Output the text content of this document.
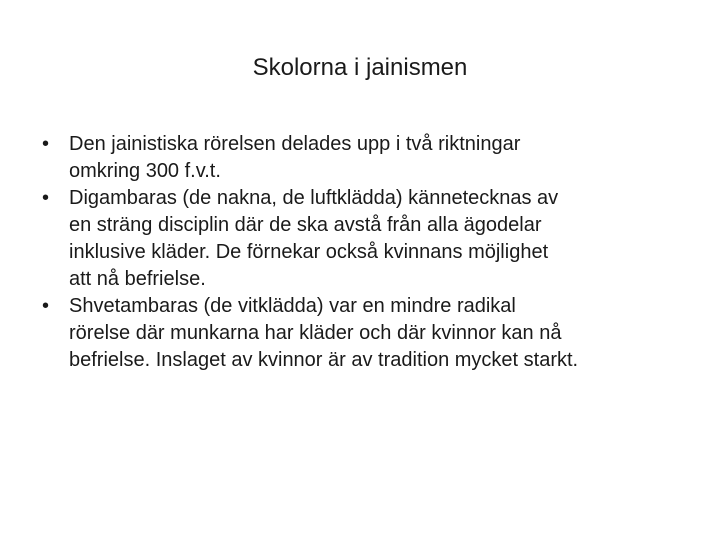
Skolorna i jainismen
• Den jainistiska rörelsen delades upp i två riktningar
omkring 300 f.v.t.
• Digambaras (de nakna, de luftklädda) kännetecknas av
en sträng disciplin där de ska avstå från alla ägodelar
inklusive kläder. De förnekar också kvinnans möjlighet
att nå befrielse.
• Shvetambaras (de vitklädda) var en mindre radikal
rörelse där munkarna har kläder och där kvinnor kan nå
befrielse. Inslaget av kvinnor är av tradition mycket starkt.
